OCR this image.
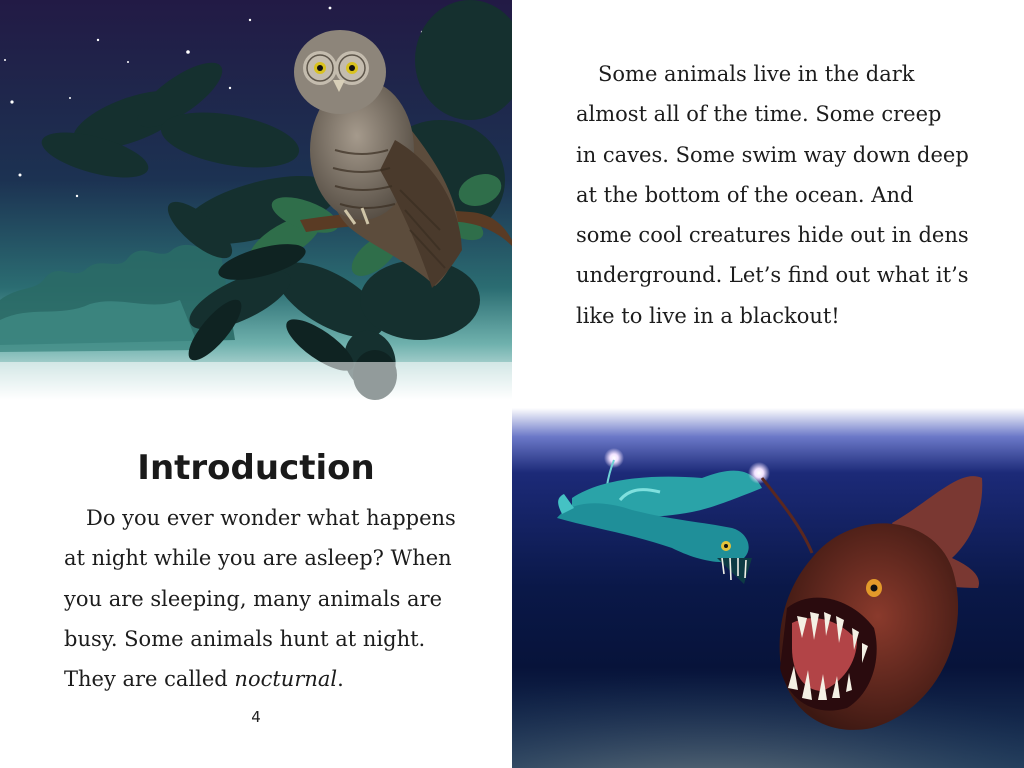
Introduction

Do you ever wonder what happens
at night while you are asleep? When
you are sleeping, many animals are
busy. Some animals hunt at night.
They are called nocturnal.

4

Some animals live in the dark
almost all of the time. Some creep
in caves. Some swim way down deep
at the bottom of the ocean. And
some cool creatures hide out in dens
underground. Let’s find out what it’s
like to live in a blackout!
